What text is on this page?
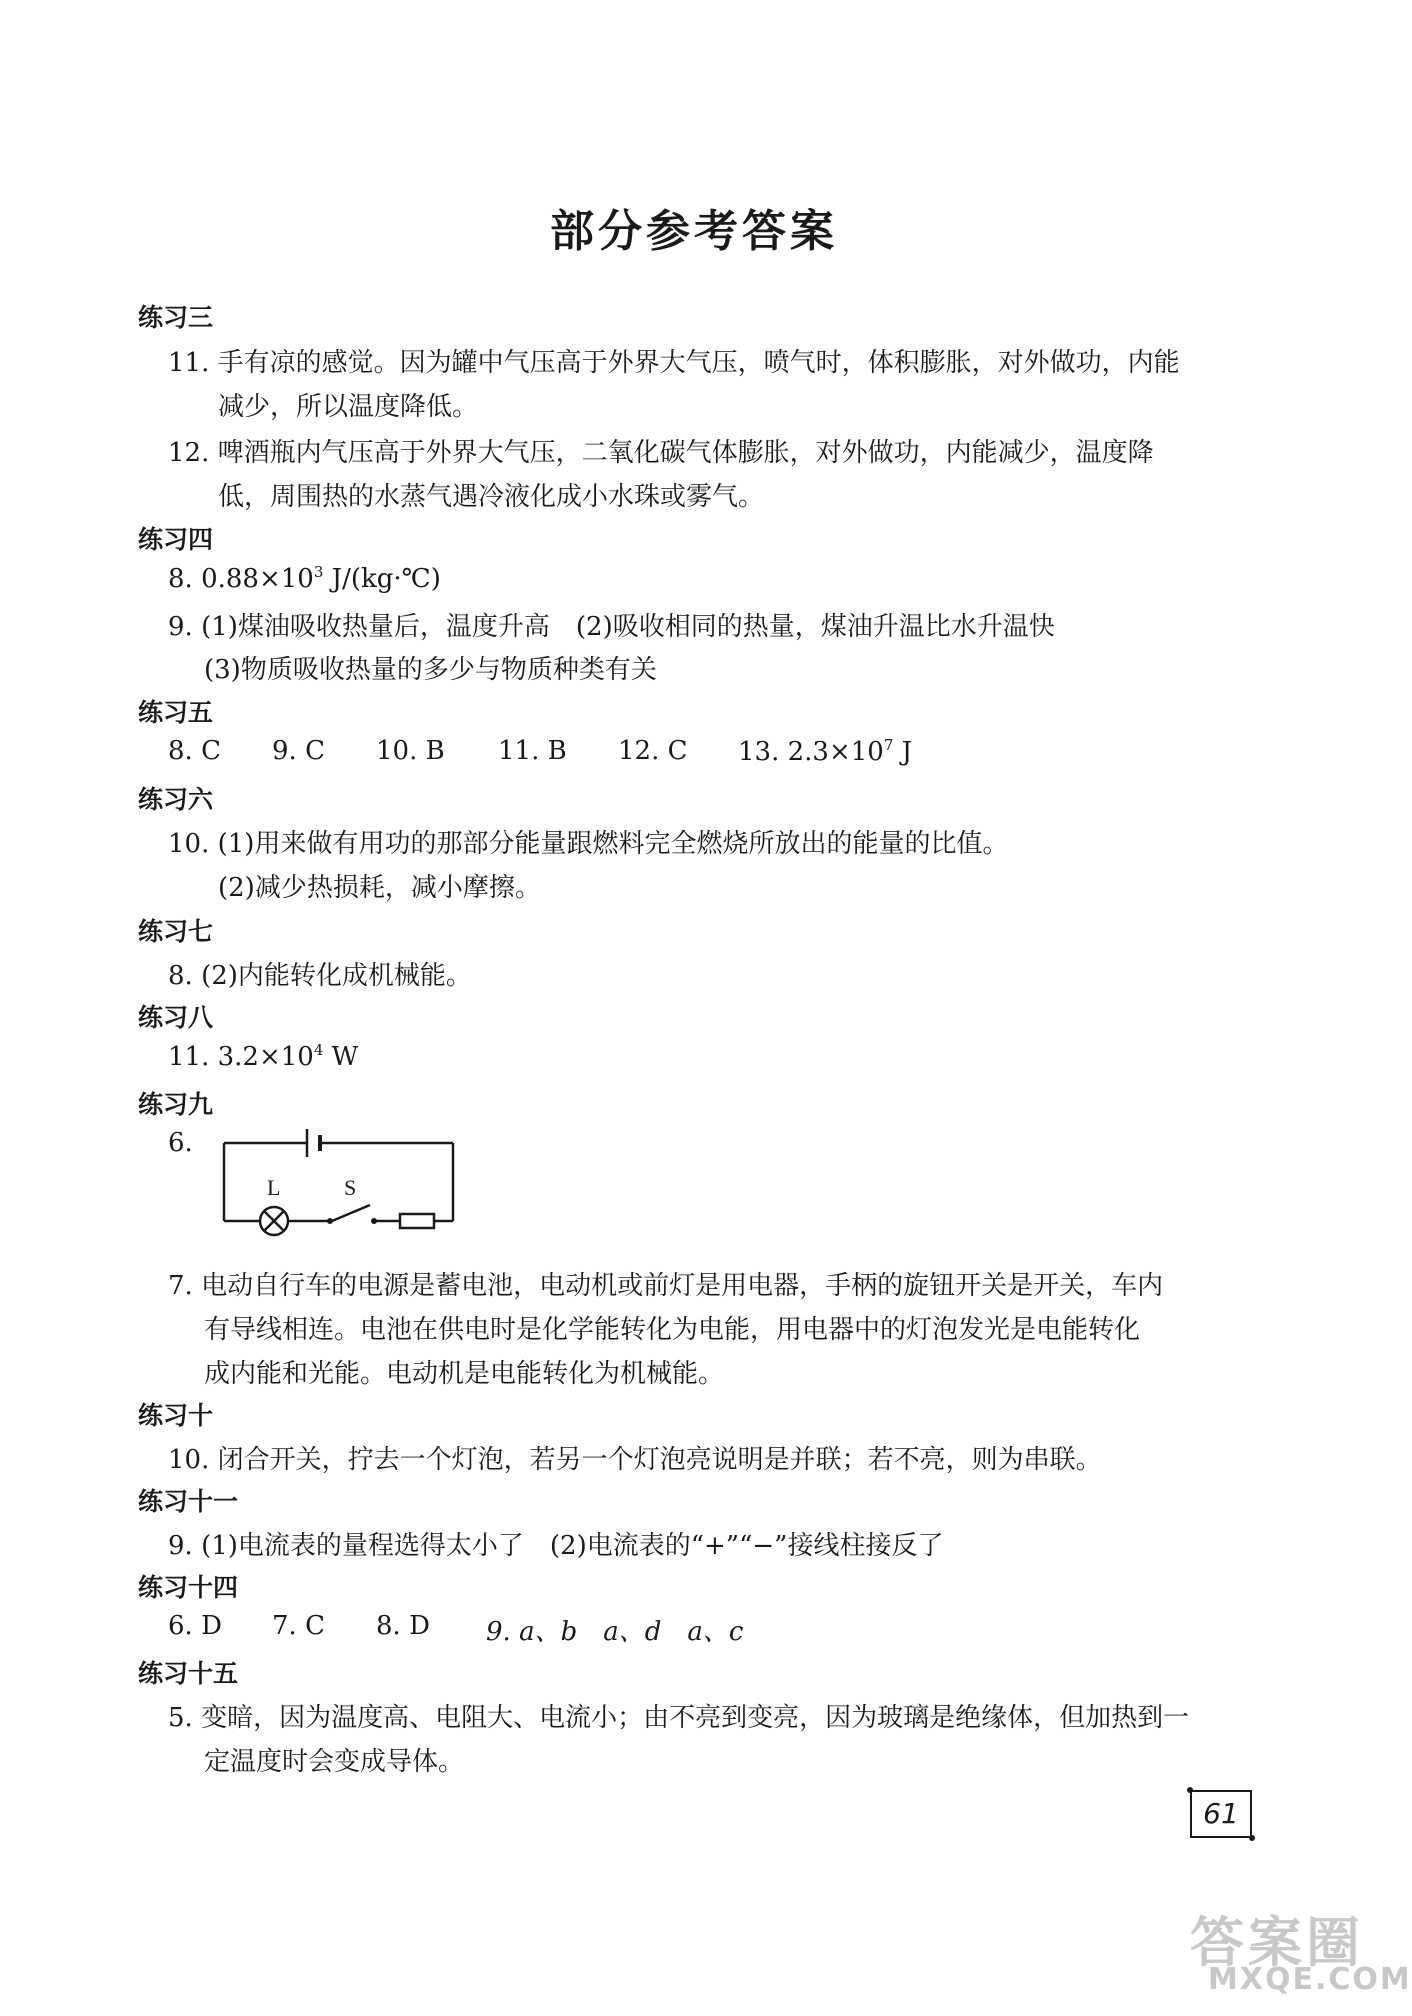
部分参考答案
练习三
11. 手有凉的感觉。因为罐中气压高于外界大气压，喷气时，体积膨胀，对外做功，内能
减少，所以温度降低。
12. 啤酒瓶内气压高于外界大气压，二氧化碳气体膨胀，对外做功，内能减少，温度降
低，周围热的水蒸气遇冷液化成小水珠或雾气。
练习四
8. $0.88\times 10^3$ J/(kg·℃)
9. (1)煤油吸收热量后，温度升高　(2)吸收相同的热量，煤油升温比水升温快
(3)物质吸收热量的多少与物质种类有关
练习五
8. C 9. C 10. B 11. B 12. C 13. $2.3\times 10^7$ J
练习六
10. (1)用来做有用功的那部分能量跟燃料完全燃烧所放出的能量的比值。
(2)减少热损耗，减小摩擦。
练习七
8. (2)内能转化成机械能。
练习八
11. $3.2\times 10^4$ W
练习九
6.
L	S
7. 电动自行车的电源是蓄电池，电动机或前灯是用电器，手柄的旋钮开关是开关，车内
有导线相连。电池在供电时是化学能转化为电能，用电器中的灯泡发光是电能转化
成内能和光能。电动机是电能转化为机械能。
练习十
10. 闭合开关，拧去一个灯泡，若另一个灯泡亮说明是并联；若不亮，则为串联。
练习十一
9. (1)电流表的量程选得太小了　(2)电流表的“+”“−”接线柱接反了
练习十四
6. D 7. C 8. D 9. a、b　a、d　a、c
练习十五
5. 变暗，因为温度高、电阻大、电流小；由不亮到变亮，因为玻璃是绝缘体，但加热到一
定温度时会变成导体。
61
答案圈
MXQE.COM
